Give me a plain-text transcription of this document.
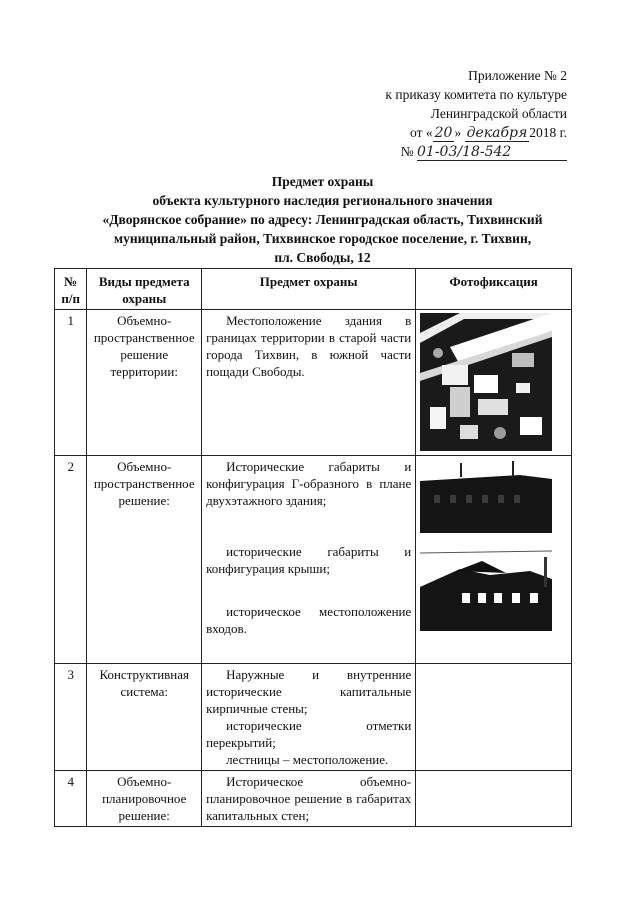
Приложение № 2
к приказу комитета по культуре
Ленинградской области
от « 20 » декабря 2018 г.
№ 01-03/18-542
Предмет охраны
объекта культурного наследия регионального значения
«Дворянское собрание» по адресу: Ленинградская область, Тихвинский
муниципальный район, Тихвинское городское поселение, г. Тихвин,
пл. Свободы, 12
№ п/п	Виды предмета охраны	Предмет охраны	Фотофиксация
1	Объемно-пространственное решение территории:	Местоположение здания в границах территории в старой части города Тихвин, в южной части пощади Свободы.

2	Объемно-пространственное решение:	Исторические габариты и конфигурация Г-образного в плане двухэтажного здания;
исторические габариты и конфигурация крыши;
историческое местоположение входов.

3	Конструктивная система:	Наружные и внутренние исторические капитальные кирпичные стены;
исторические отметки перекрытий;
лестницы – местоположение.	

4	Объемно-планировочное решение:	Историческое объемно-планировочное решение в габаритах капитальных стен;	
